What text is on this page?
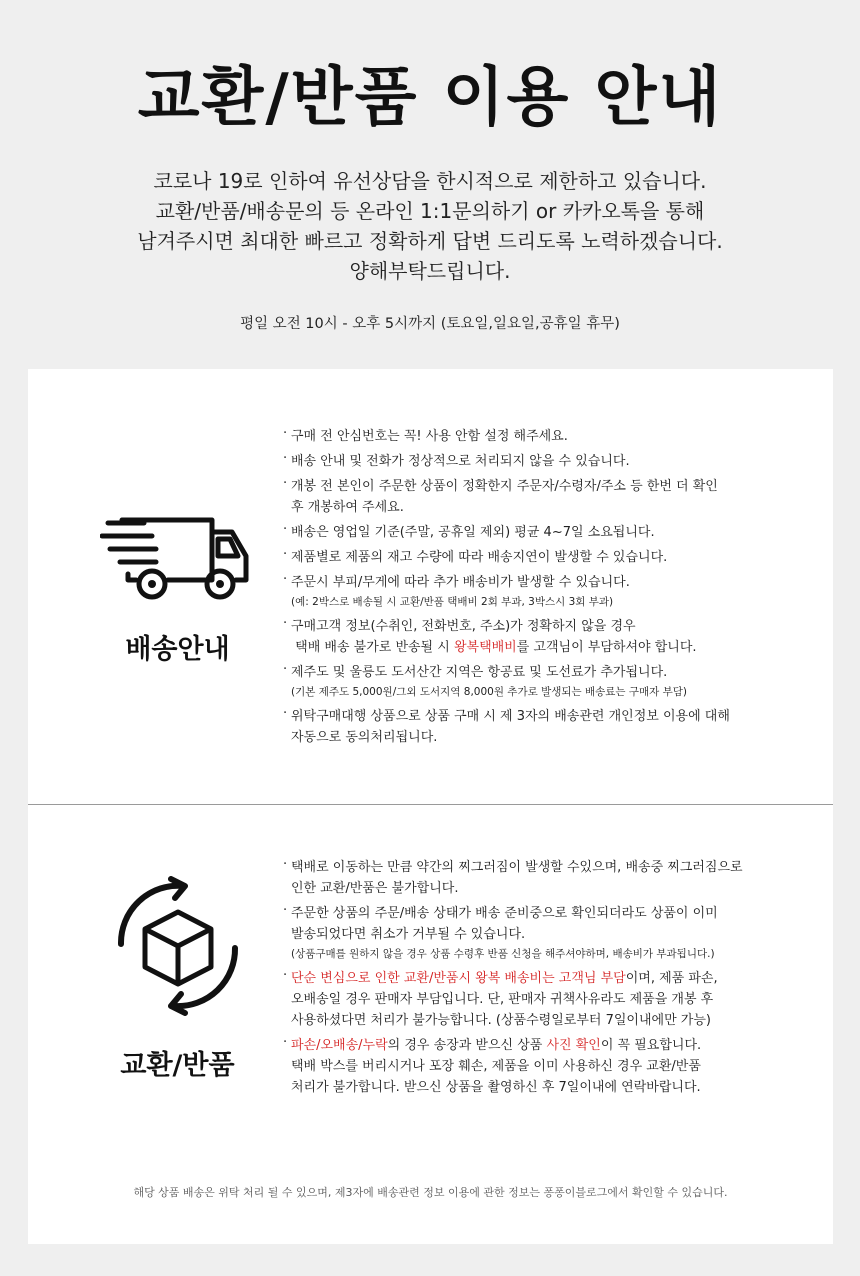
교환/반품 이용 안내
코로나 19로 인하여 유선상담을 한시적으로 제한하고 있습니다.
교환/반품/배송문의 등 온라인 1:1문의하기 or 카카오톡을 통해
남겨주시면 최대한 빠르고 정확하게 답변 드리도록 노력하겠습니다.
양해부탁드립니다.
평일 오전 10시 - 오후 5시까지 (토요일,일요일,공휴일 휴무)
배송안내
· 구매 전 안심번호는 꼭! 사용 안함 설정 해주세요.
· 배송 안내 및 전화가 정상적으로 처리되지 않을 수 있습니다.
· 개봉 전 본인이 주문한 상품이 정확한지 주문자/수령자/주소 등 한번 더 확인
후 개봉하여 주세요.
· 배송은 영업일 기준(주말, 공휴일 제외) 평균 4~7일 소요됩니다.
· 제품별로 제품의 재고 수량에 따라 배송지연이 발생할 수 있습니다.
· 주문시 부피/무게에 따라 추가 배송비가 발생할 수 있습니다.
(예: 2박스로 배송될 시 교환/반품 택배비 2회 부과, 3박스시 3회 부과)
· 구매고객 정보(수취인, 전화번호, 주소)가 정확하지 않을 경우
택배 배송 불가로 반송될 시 왕복택배비를 고객님이 부담하셔야 합니다.
· 제주도 및 울릉도 도서산간 지역은 항공료 및 도선료가 추가됩니다.
(기본 제주도 5,000원/그외 도서지역 8,000원 추가로 발생되는 배송료는 구매자 부담)
· 위탁구매대행 상품으로 상품 구매 시 제 3자의 배송관련 개인정보 이용에 대해
자동으로 동의처리됩니다.
교환/반품
· 택배로 이동하는 만큼 약간의 찌그러짐이 발생할 수있으며, 배송중 찌그러짐으로
인한 교환/반품은 불가합니다.
· 주문한 상품의 주문/배송 상태가 배송 준비중으로 확인되더라도 상품이 이미
발송되었다면 취소가 거부될 수 있습니다.
(상품구매를 원하지 않을 경우 상품 수령후 반품 신청을 해주셔야하며, 배송비가 부과됩니다.)
· 단순 변심으로 인한 교환/반품시 왕복 배송비는 고객님 부담이며, 제품 파손,
오배송일 경우 판매자 부담입니다. 단, 판매자 귀책사유라도 제품을 개봉 후
사용하셨다면 처리가 불가능합니다. (상품수령일로부터 7일이내에만 가능)
· 파손/오배송/누락의 경우 송장과 받으신 상품 사진 확인이 꼭 필요합니다.
택배 박스를 버리시거나 포장 훼손, 제품을 이미 사용하신 경우 교환/반품
처리가 불가합니다. 받으신 상품을 촬영하신 후 7일이내에 연락바랍니다.
해당 상품 배송은 위탁 처리 될 수 있으며, 제3자에 배송관련 정보 이용에 관한 정보는 퐁퐁이블로그에서 확인할 수 있습니다.
